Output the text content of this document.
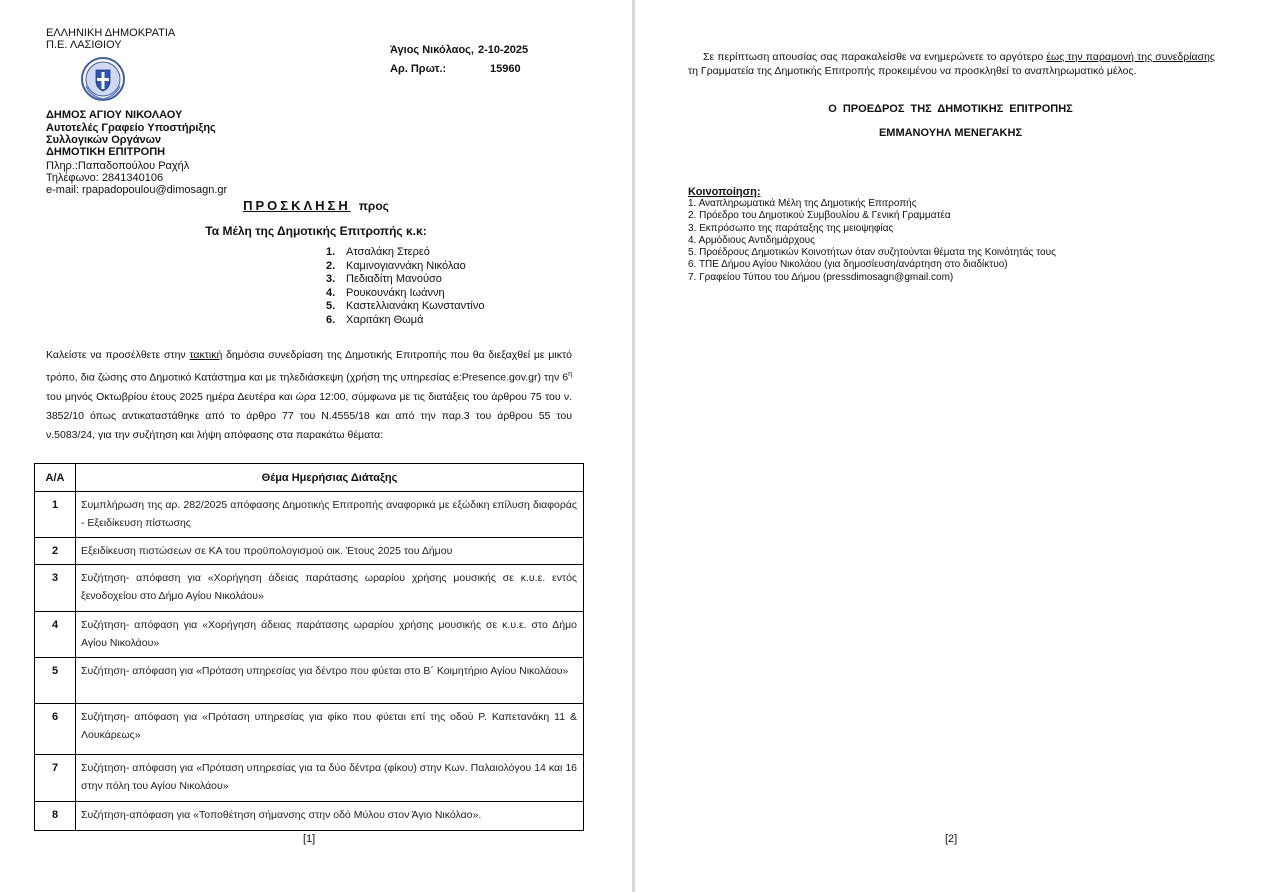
ΕΛΛΗΝΙΚΗ ΔΗΜΟΚΡΑΤΙΑ
Π.Ε. ΛΑΣΙΘΙΟΥ
ΔΗΜΟΣ ΑΓΙΟΥ ΝΙΚΟΛΑΟΥ
Αυτοτελές Γραφείο Υποστήριξης
Συλλογικών Οργάνων
ΔΗΜΟΤΙΚΗ ΕΠΙΤΡΟΠΗ
Πληρ.:Παπαδοπούλου Ραχήλ
Τηλέφωνο: 2841340106
e-mail: rpapadopoulou@dimosagn.gr
Άγιος Νικόλαος, 2-10-2025
Αρ. Πρωτ.:	15960
ΠΡΟΣΚΛΗΣΗ προς
Τα Μέλη της Δημοτικής Επιτροπής κ.κ:
1. Ατσαλάκη Στερεό
2. Καμινογιαννάκη Νικόλαο
3. Πεδιαδίτη Μανούσο
4. Ρουκουνάκη Ιωάννη
5. Καστελλιανάκη Κωνσταντίνο
6. Χαριτάκη Θωμά
Καλείστε να προσέλθετε στην τακτική δημόσια συνεδρίαση της Δημοτικής Επιτροπής που θα διεξαχθεί με μικτό τρόπο, δια ζώσης στο Δημοτικό Κατάστημα και με τηλεδιάσκεψη (χρήση της υπηρεσίας e:Presence.gov.gr) την $6^\eta$ του μηνός Οκτωβρίου έτους 2025 ημέρα Δευτέρα και ώρα 12:00, σύμφωνα με τις διατάξεις του άρθρου 75 του ν. 3852/10 όπως αντικαταστάθηκε από το άρθρο 77 του Ν.4555/18 και από την παρ.3 του άρθρου 55 του ν.5083/24, για την συζήτηση και λήψη απόφασης στα παρακάτω θέματα:
Α/Α	Θέμα Ημερήσιας Διάταξης
1	Συμπλήρωση της αρ. 282/2025 απόφασης Δημοτικής Επιτροπής αναφορικά με εξώδικη επίλυση διαφοράς - Εξειδίκευση πίστωσης
2	Εξειδίκευση πιστώσεων σε ΚΑ του προϋπολογισμού οικ. Έτους 2025 του Δήμου
3	Συζήτηση- απόφαση για «Χορήγηση άδειας παράτασης ωραρίου χρήσης μουσικής σε κ.υ.ε. εντός ξενοδοχείου στο Δήμο Αγίου Νικολάου»
4	Συζήτηση- απόφαση για «Χορήγηση άδειας παράτασης ωραρίου χρήσης μουσικής σε κ.υ.ε. στο Δήμο Αγίου Νικολάου»
5	Συζήτηση- απόφαση για «Πρόταση υπηρεσίας για δέντρο που φύεται στο Β΄ Κοιμητήριο Αγίου Νικολάου»
6	Συζήτηση- απόφαση για «Πρόταση υπηρεσίας για φίκο που φύεται επί της οδού Ρ. Καπετανάκη 11 & Λουκάρεως»
7	Συζήτηση- απόφαση για «Πρόταση υπηρεσίας για τα δύο δέντρα (φίκου) στην Κων. Παλαιολόγου 14 και 16 στην πόλη του Αγίου Νικολάου»
8	Συζήτηση-απόφαση για «Τοποθέτηση σήμανσης στην οδό Μύλου στον Άγιο Νικόλαο».
[1]
Σε περίπτωση απουσίας σας παρακαλείσθε να ενημερώνετε το αργότερο έως την παραμονή της συνεδρίασης τη Γραμματεία της Δημοτικής Επιτροπής προκειμένου να προσκληθεί το αναπληρωματικό μέλος.
Ο ΠΡΟΕΔΡΟΣ ΤΗΣ ΔΗΜΟΤΙΚΗΣ ΕΠΙΤΡΟΠΗΣ
ΕΜΜΑΝΟΥΗΛ ΜΕΝΕΓΑΚΗΣ
Κοινοποίηση:
1. Αναπληρωματικά Μέλη της Δημοτικής Επιτροπής
2. Πρόεδρο του Δημοτικού Συμβουλίου & Γενική Γραμματέα
3. Εκπρόσωπο της παράταξης της μειοψηφίας
4. Αρμόδιους Αντιδημάρχους
5. Προέδρους Δημοτικών Κοινοτήτων όταν συζητούνται θέματα της Κοινότητάς τους
6. ΤΠΕ Δήμου Αγίου Νικολάου (για δημοσίευση/ανάρτηση στο διαδίκτυο)
7. Γραφείου Τύπου του Δήμου (pressdimosagn@gmail.com)
[2]
